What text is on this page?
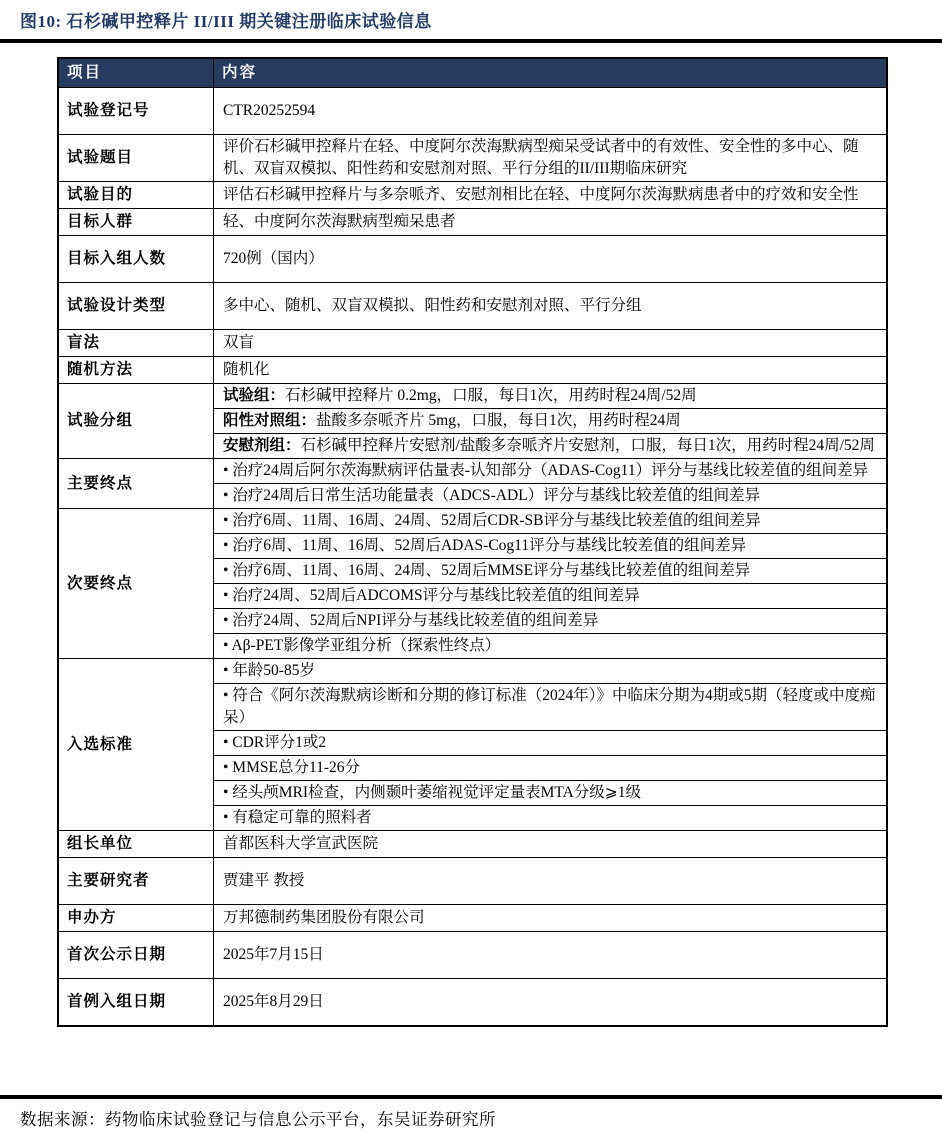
图10: 石杉碱甲控释片 II/III 期关键注册临床试验信息
项目	内容
试验登记号	CTR20252594
试验题目	评价石杉碱甲控释片在轻、中度阿尔茨海默病型痴呆受试者中的有效性、安全性的多中心、随机、双盲双模拟、阳性药和安慰剂对照、平行分组的II/III期临床研究
试验目的	评估石杉碱甲控释片与多奈哌齐、安慰剂相比在轻、中度阿尔茨海默病患者中的疗效和安全性
目标人群	轻、中度阿尔茨海默病型痴呆患者
目标入组人数	720例（国内）
试验设计类型	多中心、随机、双盲双模拟、阳性药和安慰剂对照、平行分组
盲法	双盲
随机方法	随机化
试验分组	试验组：石杉碱甲控释片 0.2mg，口服，每日1次，用药时程24周/52周
	阳性对照组：盐酸多奈哌齐片 5mg，口服，每日1次，用药时程24周
	安慰剂组：石杉碱甲控释片安慰剂/盐酸多奈哌齐片安慰剂，口服，每日1次，用药时程24周/52周
主要终点	• 治疗24周后阿尔茨海默病评估量表-认知部分（ADAS-Cog11）评分与基线比较差值的组间差异
	• 治疗24周后日常生活功能量表（ADCS-ADL）评分与基线比较差值的组间差异
次要终点	• 治疗6周、11周、16周、24周、52周后CDR-SB评分与基线比较差值的组间差异
	• 治疗6周、11周、16周、52周后ADAS-Cog11评分与基线比较差值的组间差异
	• 治疗6周、11周、16周、24周、52周后MMSE评分与基线比较差值的组间差异
	• 治疗24周、52周后ADCOMS评分与基线比较差值的组间差异
	• 治疗24周、52周后NPI评分与基线比较差值的组间差异
	• Aβ-PET影像学亚组分析（探索性终点）
入选标准	• 年龄50-85岁
	• 符合《阿尔茨海默病诊断和分期的修订标准（2024年）》中临床分期为4期或5期（轻度或中度痴呆）
	• CDR评分1或2
	• MMSE总分11-26分
	• 经头颅MRI检查，内侧颞叶萎缩视觉评定量表MTA分级⩾1级
	• 有稳定可靠的照料者
组长单位	首都医科大学宣武医院
主要研究者	贾建平 教授
申办方	万邦德制药集团股份有限公司
首次公示日期	2025年7月15日
首例入组日期	2025年8月29日
数据来源：药物临床试验登记与信息公示平台，东吴证券研究所
